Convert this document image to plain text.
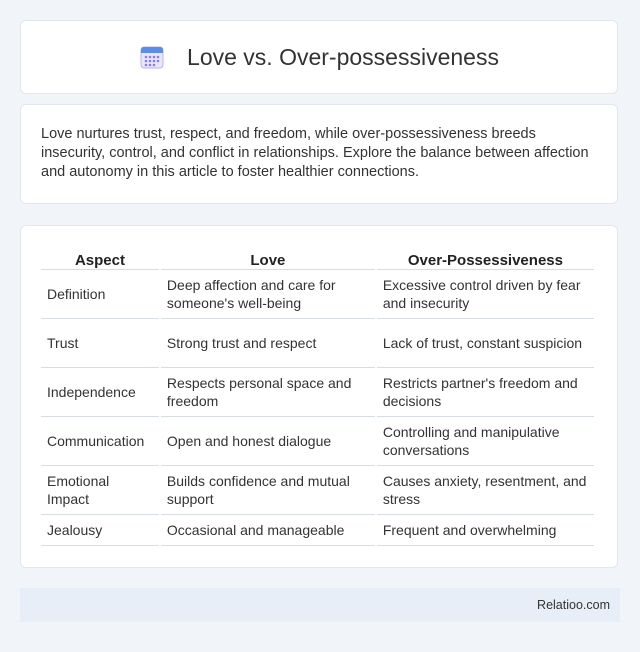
Love vs. Over-possessiveness

Love nurtures trust, respect, and freedom, while over-possessiveness breeds insecurity, control, and conflict in relationships. Explore the balance between affection and autonomy in this article to foster healthier connections.

Aspect	Love	Over-Possessiveness
Definition	Deep affection and care for someone's well-being	Excessive control driven by fear and insecurity
Trust	Strong trust and respect	Lack of trust, constant suspicion
Independence	Respects personal space and freedom	Restricts partner's freedom and decisions
Communication	Open and honest dialogue	Controlling and manipulative conversations
Emotional Impact	Builds confidence and mutual support	Causes anxiety, resentment, and stress
Jealousy	Occasional and manageable	Frequent and overwhelming
Relatioo.com
